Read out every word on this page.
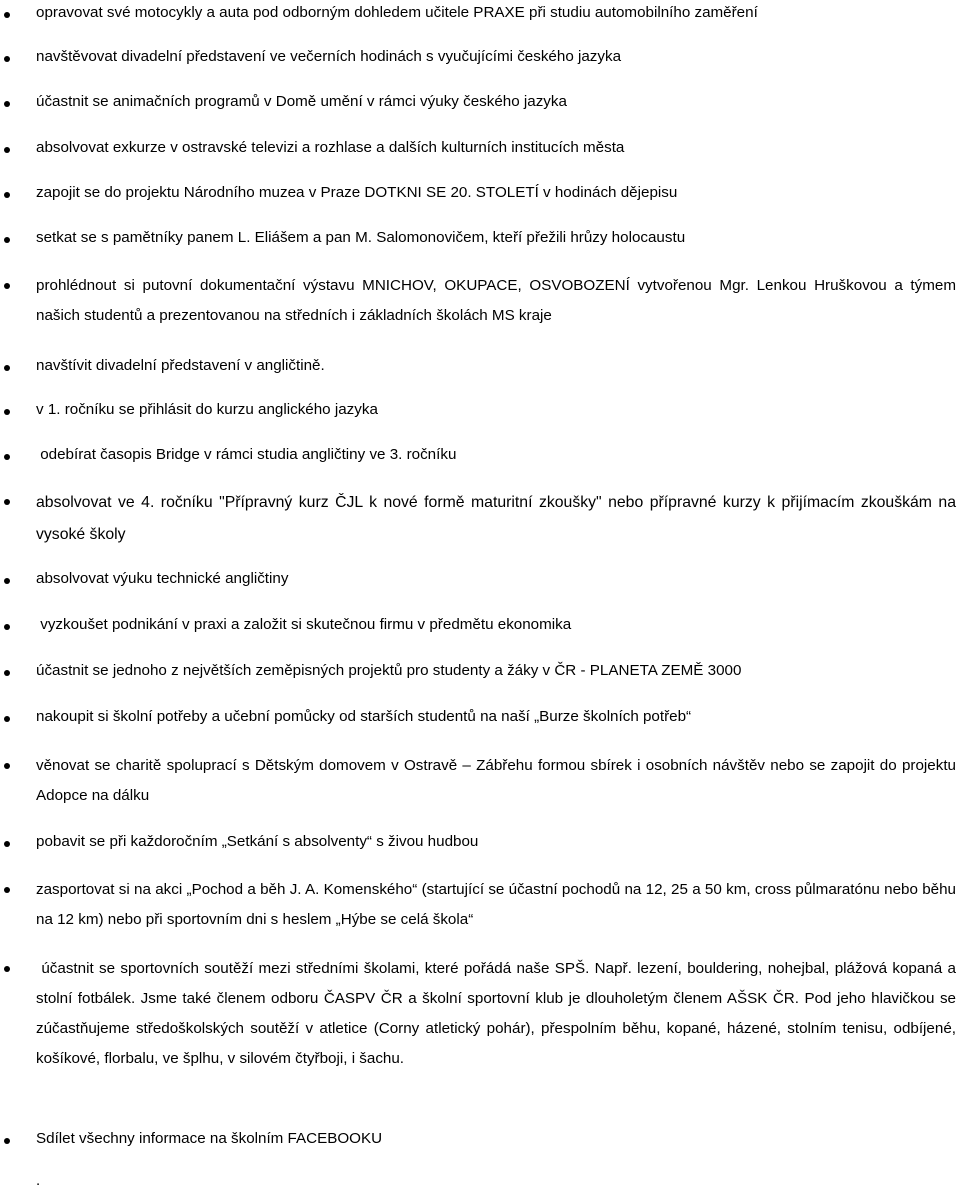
opravovat své motocykly a auta pod odborným dohledem učitele PRAXE při studiu automobilního zaměření
navštěvovat divadelní představení ve večerních hodinách s vyučujícími českého jazyka
účastnit se animačních programů v Domě umění v rámci výuky českého jazyka
absolvovat exkurze v ostravské televizi a rozhlase a dalších kulturních institucích města
zapojit se do projektu Národního muzea v Praze DOTKNI SE 20. STOLETÍ v hodinách dějepisu
setkat se s pamětníky panem L. Eliášem a pan M. Salomonovičem, kteří přežili hrůzy holocaustu
prohlédnout si putovní dokumentační výstavu MNICHOV, OKUPACE, OSVOBOZENÍ vytvořenou Mgr. Lenkou Hruškovou a týmem našich studentů a prezentovanou na středních i základních školách MS kraje
navštívit divadelní představení v angličtině.
v 1. ročníku se přihlásit do kurzu anglického jazyka
odebírat časopis Bridge v rámci studia angličtiny ve 3. ročníku
absolvovat ve 4. ročníku "Přípravný kurz ČJL k nové formě maturitní zkoušky" nebo přípravné kurzy k přijímacím zkouškám na vysoké školy
absolvovat výuku technické angličtiny
vyzkoušet podnikání v praxi a založit si skutečnou firmu v předmětu ekonomika
účastnit se jednoho z největších zeměpisných projektů pro studenty a žáky v ČR - PLANETA ZEMĚ 3000
nakoupit si školní potřeby a učební pomůcky od starších studentů na naší „Burze školních potřeb“
věnovat se charitě spoluprací s Dětským domovem v Ostravě – Zábřehu formou sbírek i osobních návštěv nebo se zapojit do projektu Adopce na dálku
pobavit se při každoročním „Setkání s absolventy“ s živou hudbou
zasportovat si na akci „Pochod a běh J. A. Komenského“ (startující se účastní pochodů na 12, 25 a 50 km, cross půlmaratónu nebo běhu na 12 km) nebo při sportovním dni s heslem „Hýbe se celá škola“
účastnit se sportovních soutěží mezi středními školami, které pořádá naše SPŠ. Např. lezení, bouldering, nohejbal, plážová kopaná a stolní fotbálek. Jsme také členem odboru ČASPV ČR a školní sportovní klub je dlouholetým členem AŠSK ČR. Pod jeho hlavičkou se zúčastňujeme středoškolských soutěží v atletice (Corny atletický pohár), přespolním běhu, kopané, házené, stolním tenisu, odbíjené, košíkové, florbalu, ve šplhu, v silovém čtyřboji, i šachu.
Sdílet všechny informace na školním FACEBOOKU
.
